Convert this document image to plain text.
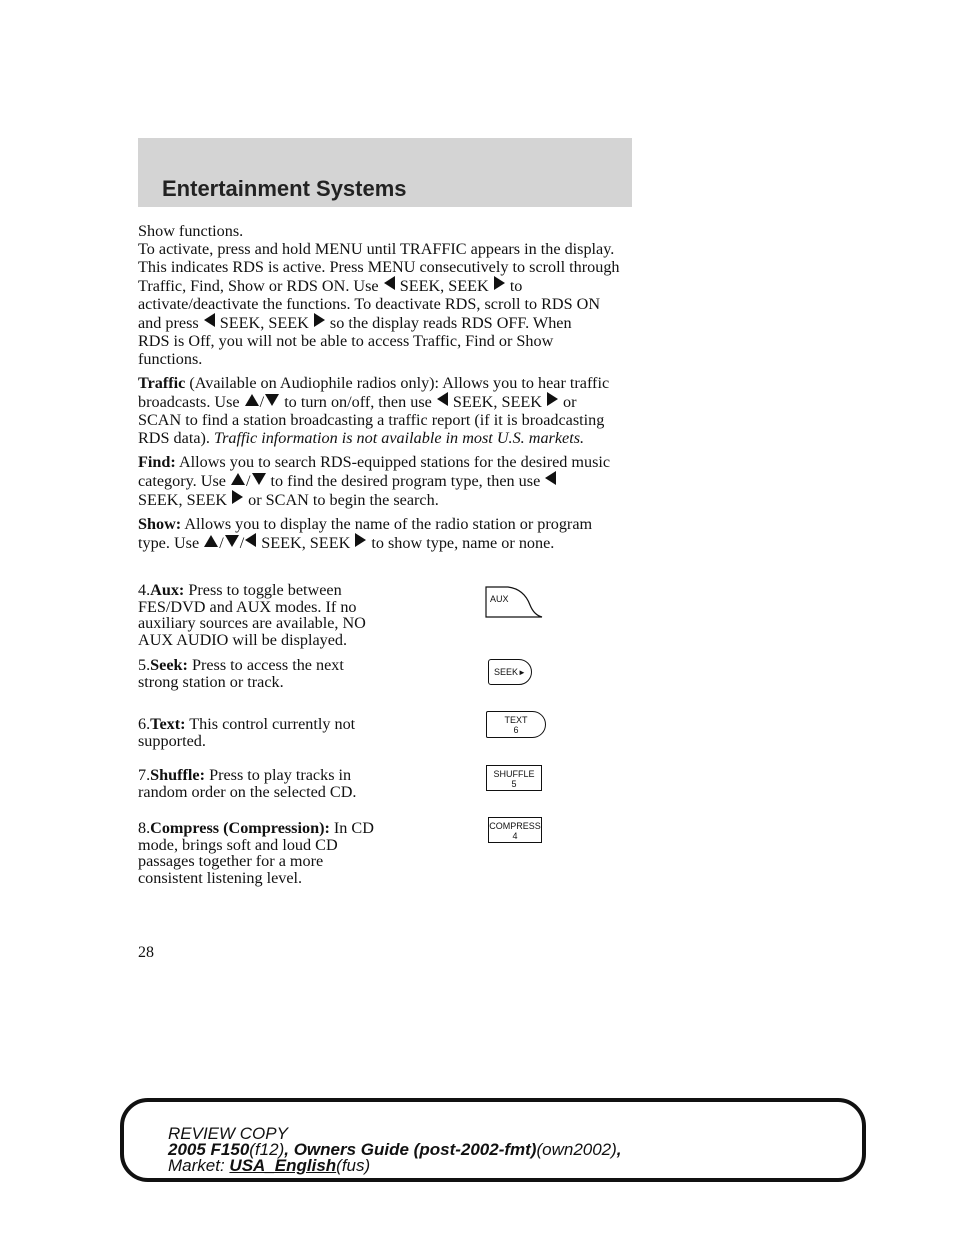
Entertainment Systems

Show functions.
To activate, press and hold MENU until TRAFFIC appears in the display.
This indicates RDS is active. Press MENU consecutively to scroll through
Traffic, Find, Show or RDS ON. Use SEEK, SEEK to
activate/deactivate the functions. To deactivate RDS, scroll to RDS ON
and press SEEK, SEEK so the display reads RDS OFF. When
RDS is Off, you will not be able to access Traffic, Find or Show
functions.

Traffic (Available on Audiophile radios only): Allows you to hear traffic
broadcasts. Use / to turn on/off, then use SEEK, SEEK or
SCAN to find a station broadcasting a traffic report (if it is broadcasting
RDS data). Traffic information is not available in most U.S. markets.

Find: Allows you to search RDS-equipped stations for the desired music
category. Use / to find the desired program type, then use
SEEK, SEEK or SCAN to begin the search.

Show: Allows you to display the name of the radio station or program
type. Use / / SEEK, SEEK to show type, name or none.

4.Aux: Press to toggle between FES/DVD and AUX modes. If no auxiliary sources are available, NO AUX AUDIO will be displayed.
AUX
5.Seek: Press to access the next strong station or track.
SEEK►
6.Text: This control currently not supported.
TEXT
6
7.Shuffle: Press to play tracks in random order on the selected CD.
SHUFFLE
5
8.Compress (Compression): In CD mode, brings soft and loud CD passages together for a more consistent listening level.
COMPRESS
4
28
REVIEW COPY
2005 F150(f12), Owners Guide (post-2002-fmt)(own2002),
Market: USA_English(fus)
